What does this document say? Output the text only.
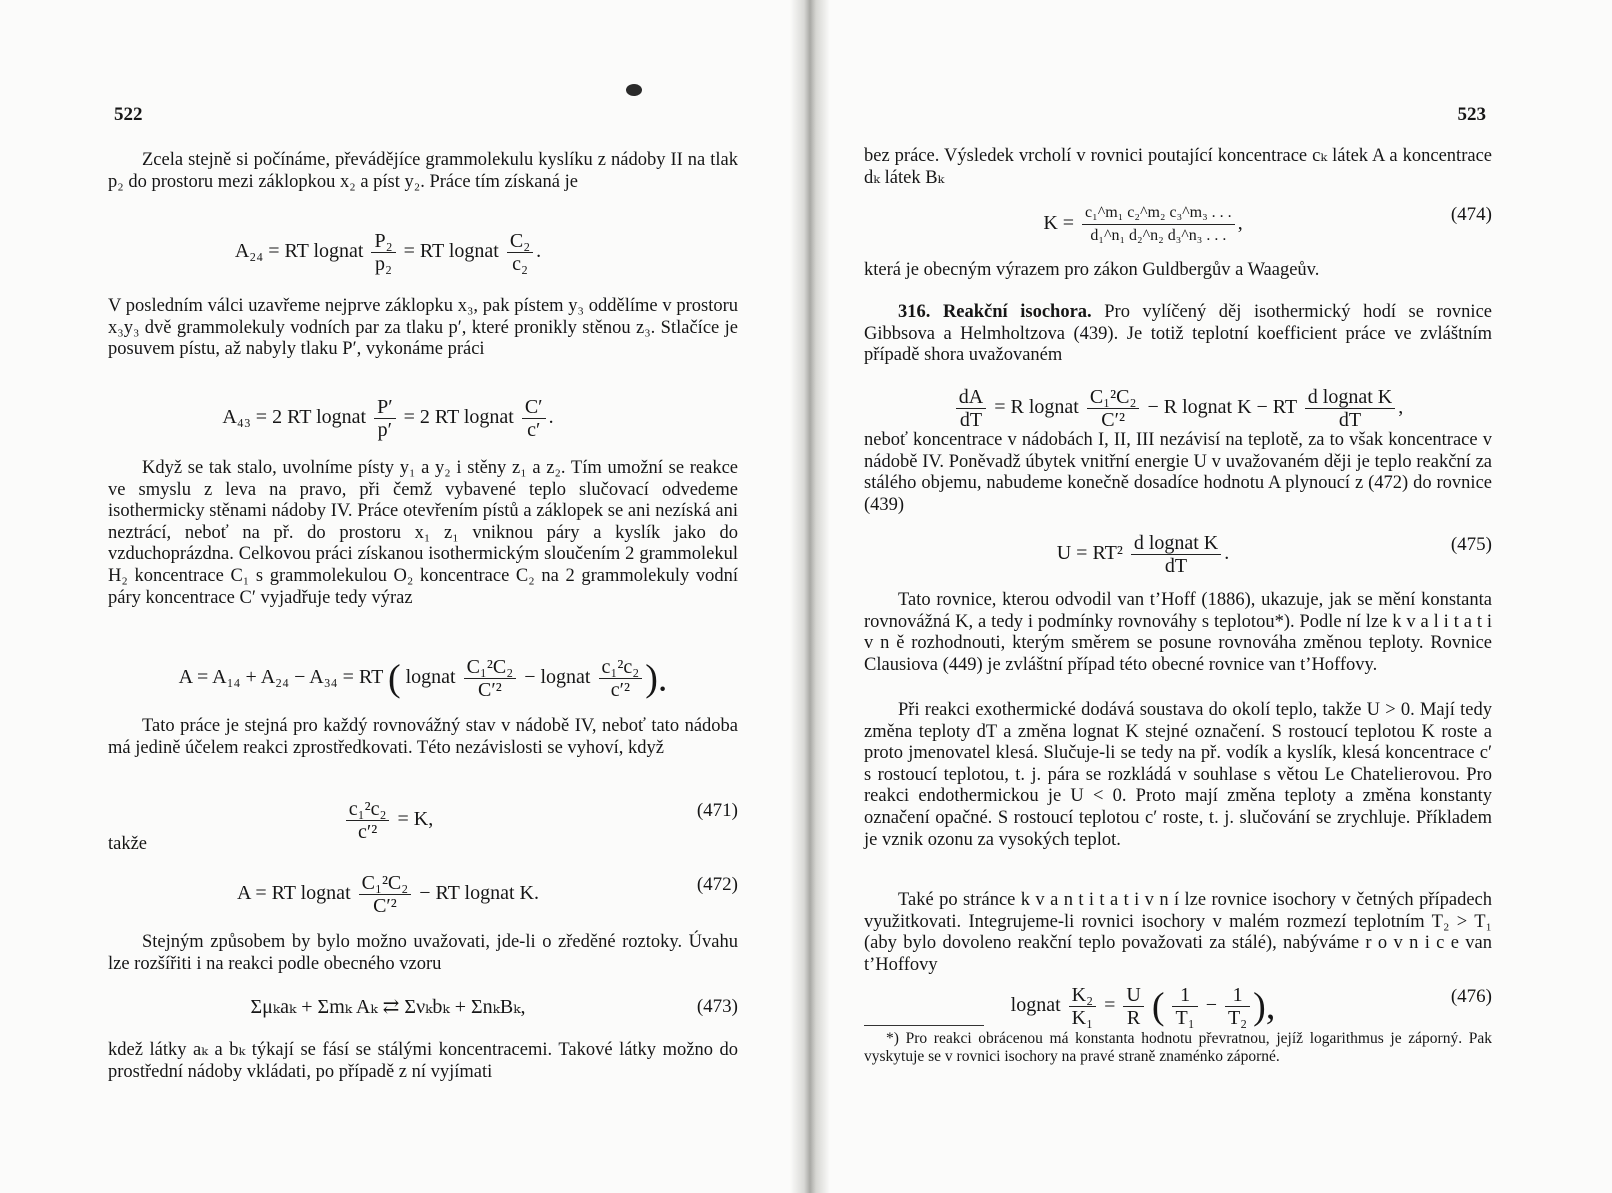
522
Zcela stejně si počínáme, převádějíce grammolekulu kyslíku z nádoby II na tlak p₂ do prostoru mezi záklopkou x₂ a píst y₂. Práce tím získaná je
A₂₄ = RT lognat $\frac{\text{P₂}}{\text{p₂}}$ = RT lognat $\frac{\text{C₂}}{\text{c₂}}$ .
V posledním válci uzavřeme nejprve záklopku x₃, pak pístem y₃ oddělíme v prostoru x₃y₃ dvě grammolekuly vodních par za tlaku p′, které pronikly stěnou z₃. Stlačíce je posuvem pístu, až nabyly tlaku P′, vykonáme práci
A₄₃ = 2 RT lognat $\frac{P'}{p'} = 2$ RT lognat $\frac{C'}{c'}$ .
Když se tak stalo, uvolníme písty y₁ a y₂ i stěny z₁ a z₂. Tím umožní se reakce ve smyslu z leva na pravo, při čemž vybavené teplo slučovací odvedeme isothermicky stěnami nádoby IV. Práce otevřením pístů a záklopek se ani nezíská ani neztrácí, neboť na př. do prostoru x₁ z₁ vniknou páry a kyslík jako do vzduchoprázdna. Celkovou práci získanou isothermickým sloučením 2 grammolekul H₂ koncentrace C₁ s grammolekulou O₂ koncentrace C₂ na 2 grammolekuly vodní páry koncentrace C′ vyjadřuje tedy výraz
A = A₁₄ + A₂₄ − A₃₄ = RT ( lognat $\frac{\text{C₁²C₂}}{\text{C′²}}$ − lognat $\frac{\text{c₁²c₂}}{\text{c′²}}$ ).
Tato práce je stejná pro každý rovnovážný stav v nádobě IV, neboť tato nádoba má jedině účelem reakci zprostředkovati. Této nezávislosti se vyhoví, když
$\frac{\text{c₁²c₂}}{\text{c′²}} = K$,	(471)
takže
A = RT lognat $\frac{\text{C₁²C₂}}{\text{C′²}}$ − RT lognat K.	(472)
Stejným způsobem by bylo možno uvažovati, jde-li o zředěné roztoky. Úvahu lze rozšířiti i na reakci podle obecného vzoru
Σμₖaₖ + Σmₖ Aₖ ⇄ Σνₖbₖ + ΣnₖBₖ,	(473)
kdež látky aₖ a bₖ týkají se fásí se stálými koncentracemi. Takové látky možno do prostřední nádoby vkládati, po případě z ní vyjímati
523
bez práce. Výsledek vrcholí v rovnici poutající koncentrace cₖ látek A a koncentrace dₖ látek Bₖ
$K = \frac{\text{c₁\textasciicircum{}m₁ c₂\textasciicircum{}m₂ c₃\textasciicircum{}m₃ . . .}}{\text{d₁\textasciicircum{}n₁ d₂\textasciicircum{}n₂ d₃\textasciicircum{}n₃ . . .}}$ ,	(474)
která je obecným výrazem pro zákon Guldbergův a Waageův.
316. Reakční isochora. Pro vylíčený děj isothermický hodí se rovnice Gibbsova a Helmholtzova (439). Je totiž teplotní koefficient práce ve zvláštním případě shora uvažovaném
$\frac{dA}{dT} = R$ lognat $\frac{\text{C₁²C₂}}{\text{C′²}} - R$ lognat K − RT $\frac{\text{d lognat K}}{dT}$ ,
neboť koncentrace v nádobách I, II, III nezávisí na teplotě, za to však koncentrace v nádobě IV. Poněvadž úbytek vnitřní energie U v uvažovaném ději je teplo reakční za stálého objemu, nabudeme konečně dosadíce hodnotu A plynoucí z (472) do rovnice (439)
$U = RT^2 \frac{\text{d lognat K}}{dT}$ .	(475)
Tato rovnice, kterou odvodil van t’Hoff (1886), ukazuje, jak se mění konstanta rovnovážná K, a tedy i podmínky rovnováhy s teplotou*). Podle ní lze k v a l i t a t i v n ě rozhodnouti, kterým směrem se posune rovnováha změnou teploty. Rovnice Clausiova (449) je zvláštní případ této obecné rovnice van t’Hoffovy.
Při reakci exothermické dodává soustava do okolí teplo, takže U > 0. Mají tedy změna teploty dT a změna lognat K stejné označení. S rostoucí teplotou K roste a proto jmenovatel klesá. Slučuje-li se tedy na př. vodík a kyslík, klesá koncentrace c′ s rostoucí teplotou, t. j. pára se rozkládá v souhlase s větou Le Chatelierovou. Pro reakci endothermickou je U < 0. Proto mají změna teploty a změna konstanty označení opačné. S rostoucí teplotou c′ roste, t. j. slučování se zrychluje. Příkladem je vznik ozonu za vysokých teplot.
Také po stránce k v a n t i t a t i v n í lze rovnice isochory v četných případech využitkovati. Integrujeme-li rovnici isochory v malém rozmezí teplotním T₂ > T₁ (aby bylo dovoleno reakční teplo považovati za stálé), nabýváme r o v n i c e van t’Hoffovy
lognat $\frac{\text{K₂}}{\text{K₁}} = \frac{U}{R}$ ( $\frac{1}{\text{T₁}} - \frac{1}{\text{T₂}}$ ),	(476)
*) Pro reakci obrácenou má konstanta hodnotu převratnou, jejíž logarithmus je záporný. Pak vyskytuje se v rovnici isochory na pravé straně znaménko záporné.
